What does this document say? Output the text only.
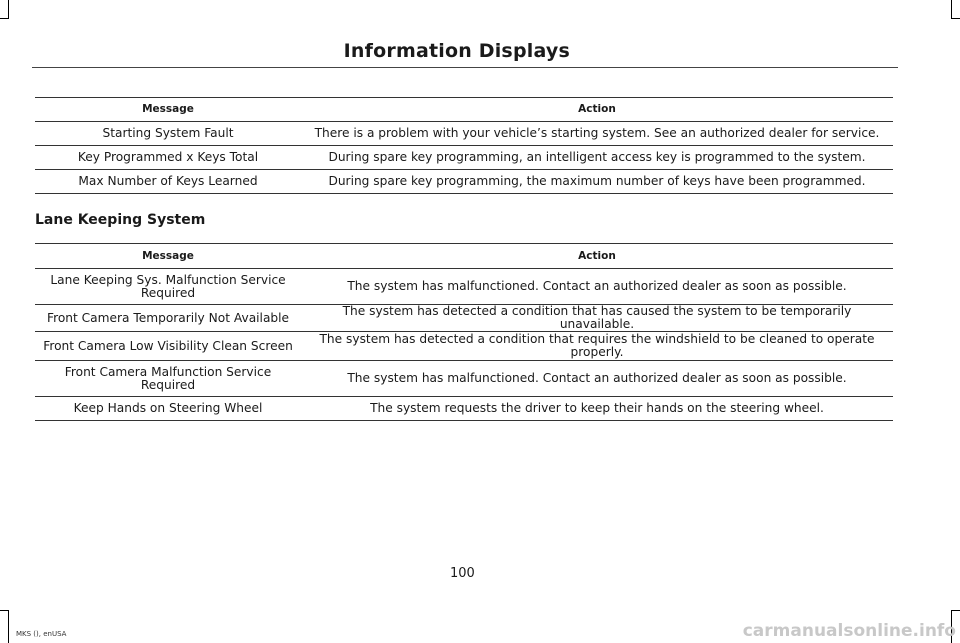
Information Displays
Message	Action
Starting System Fault	There is a problem with your vehicle’s starting system. See an authorized dealer for service.
Key Programmed x Keys Total	During spare key programming, an intelligent access key is programmed to the system.
Max Number of Keys Learned	During spare key programming, the maximum number of keys have been programmed.
Lane Keeping System
Message	Action
Lane Keeping Sys. Malfunction Service Required	The system has malfunctioned. Contact an authorized dealer as soon as possible.
Front Camera Temporarily Not Available	The system has detected a condition that has caused the system to be temporarily unavailable.
Front Camera Low Visibility Clean Screen	The system has detected a condition that requires the windshield to be cleaned to operate properly.
Front Camera Malfunction Service Required	The system has malfunctioned. Contact an authorized dealer as soon as possible.
Keep Hands on Steering Wheel	The system requests the driver to keep their hands on the steering wheel.
100
MKS (), enUSA	carmanualsonline.info
